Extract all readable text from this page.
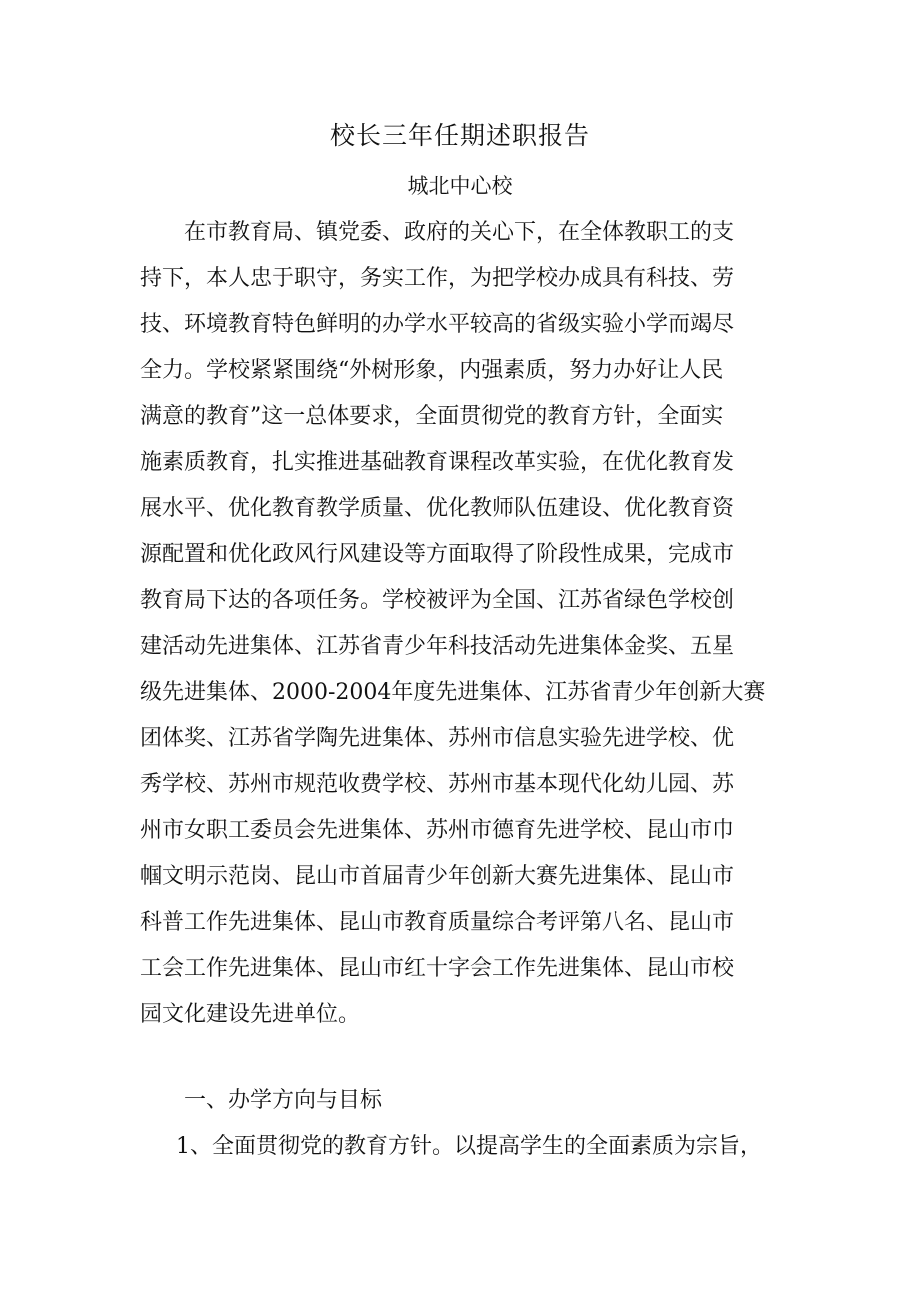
校长三年任期述职报告
城北中心校
在市教育局、镇党委、政府的关心下，在全体教职工的支
持下，本人忠于职守，务实工作，为把学校办成具有科技、劳
技、环境教育特色鲜明的办学水平较高的省级实验小学而竭尽
全力。学校紧紧围绕“外树形象，内强素质，努力办好让人民
满意的教育”这一总体要求，全面贯彻党的教育方针，全面实
施素质教育，扎实推进基础教育课程改革实验，在优化教育发
展水平、优化教育教学质量、优化教师队伍建设、优化教育资
源配置和优化政风行风建设等方面取得了阶段性成果，完成市
教育局下达的各项任务。学校被评为全国、江苏省绿色学校创
建活动先进集体、江苏省青少年科技活动先进集体金奖、五星
级先进集体、2000-2004年度先进集体、江苏省青少年创新大赛
团体奖、江苏省学陶先进集体、苏州市信息实验先进学校、优
秀学校、苏州市规范收费学校、苏州市基本现代化幼儿园、苏
州市女职工委员会先进集体、苏州市德育先进学校、昆山市巾
帼文明示范岗、昆山市首届青少年创新大赛先进集体、昆山市
科普工作先进集体、昆山市教育质量综合考评第八名、昆山市
工会工作先进集体、昆山市红十字会工作先进集体、昆山市校
园文化建设先进单位。
一、办学方向与目标
1、全面贯彻党的教育方针。以提高学生的全面素质为宗旨，
